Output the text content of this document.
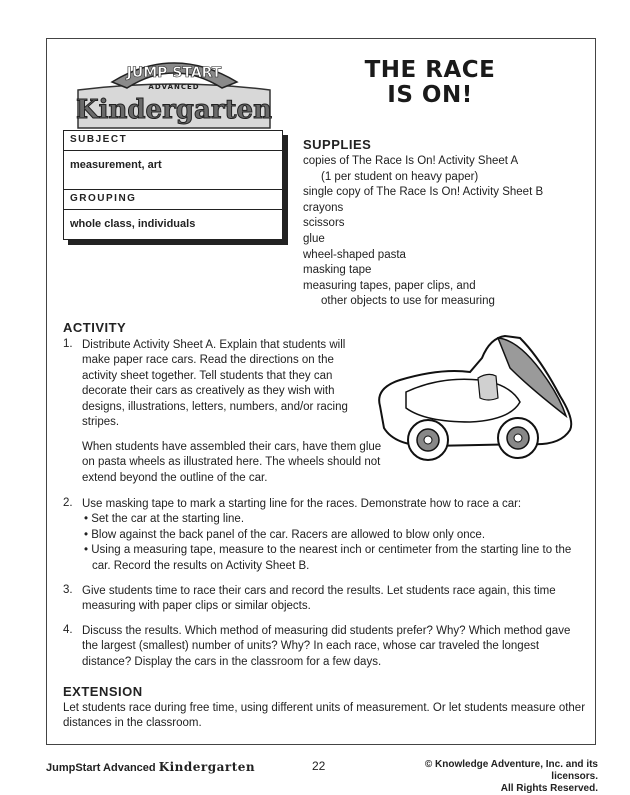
JUMP START
ADVANCED
Kindergarten
THE RACE
IS ON!
SUBJECT
measurement, art
GROUPING
whole class, individuals
SUPPLIES
copies of The Race Is On! Activity Sheet A
(1 per student on heavy paper)
single copy of The Race Is On! Activity Sheet B
crayons
scissors
glue
wheel-shaped pasta
masking tape
measuring tapes, paper clips, and
other objects to use for measuring
ACTIVITY
1. Distribute Activity Sheet A. Explain that students will make paper race cars. Read the directions on the activity sheet together. Tell students that they can decorate their cars as creatively as they wish with designs, illustrations, letters, numbers, and/or racing stripes.
When students have assembled their cars, have them glue on pasta wheels as illustrated here. The wheels should not extend beyond the outline of the car.
2. Use masking tape to mark a starting line for the races. Demonstrate how to race a car:
• Set the car at the starting line.
• Blow against the back panel of the car. Racers are allowed to blow only once.
• Using a measuring tape, measure to the nearest inch or centimeter from the starting line to the car. Record the results on Activity Sheet B.
3. Give students time to race their cars and record the results. Let students race again, this time measuring with paper clips or similar objects.
4. Discuss the results. Which method of measuring did students prefer? Why? Which method gave the largest (smallest) number of units? Why? In each race, whose car traveled the longest distance? Display the cars in the classroom for a few days.
EXTENSION
Let students race during free time, using different units of measurement. Or let students measure other distances in the classroom.
JumpStart Advanced Kindergarten	22	© Knowledge Adventure, Inc. and its licensors.
All Rights Reserved.
